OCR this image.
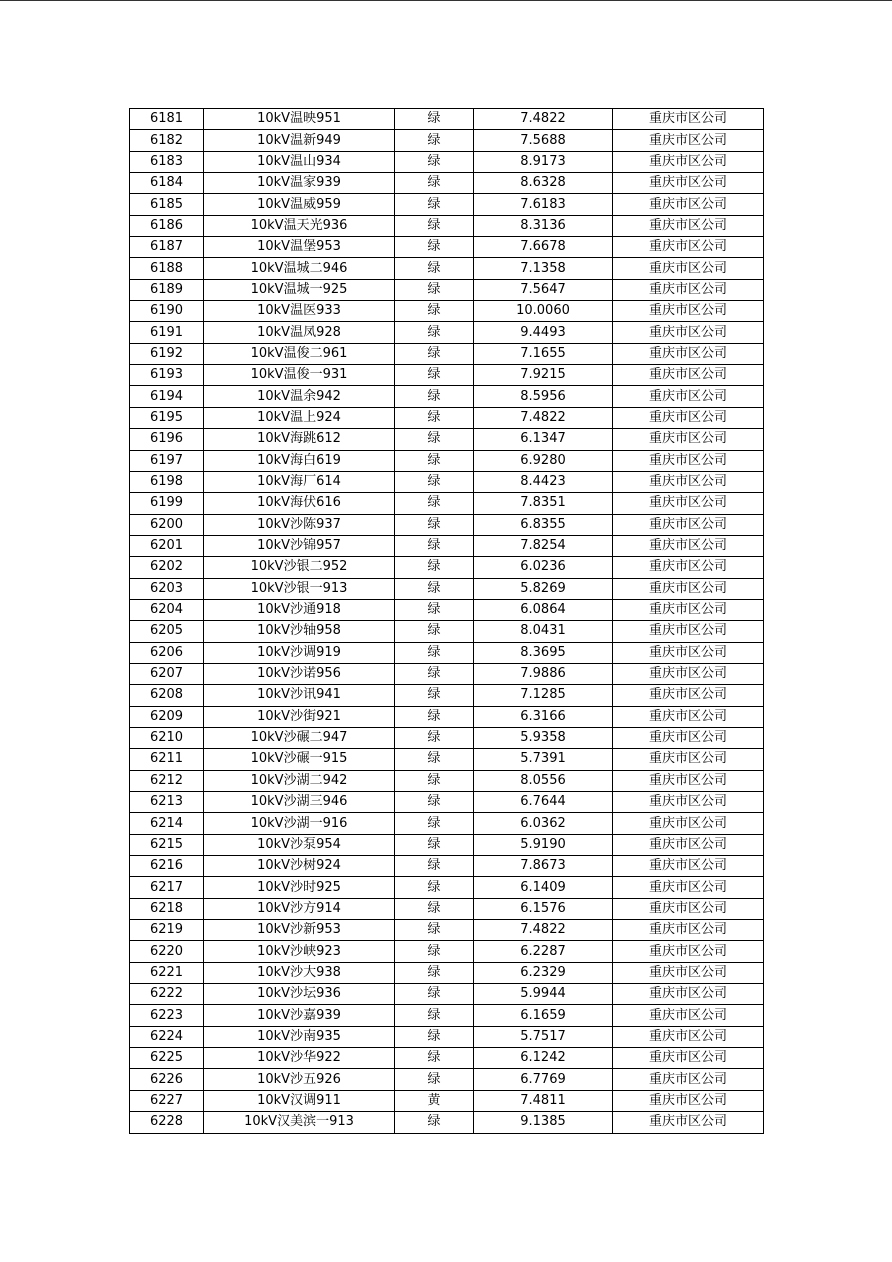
6181	10kV温映951	绿	7.4822	重庆市区公司
6182	10kV温新949	绿	7.5688	重庆市区公司
6183	10kV温山934	绿	8.9173	重庆市区公司
6184	10kV温家939	绿	8.6328	重庆市区公司
6185	10kV温威959	绿	7.6183	重庆市区公司
6186	10kV温天光936	绿	8.3136	重庆市区公司
6187	10kV温堡953	绿	7.6678	重庆市区公司
6188	10kV温城二946	绿	7.1358	重庆市区公司
6189	10kV温城一925	绿	7.5647	重庆市区公司
6190	10kV温医933	绿	10.0060	重庆市区公司
6191	10kV温凤928	绿	9.4493	重庆市区公司
6192	10kV温俊二961	绿	7.1655	重庆市区公司
6193	10kV温俊一931	绿	7.9215	重庆市区公司
6194	10kV温余942	绿	8.5956	重庆市区公司
6195	10kV温上924	绿	7.4822	重庆市区公司
6196	10kV海跳612	绿	6.1347	重庆市区公司
6197	10kV海白619	绿	6.9280	重庆市区公司
6198	10kV海厂614	绿	8.4423	重庆市区公司
6199	10kV海伏616	绿	7.8351	重庆市区公司
6200	10kV沙陈937	绿	6.8355	重庆市区公司
6201	10kV沙锦957	绿	7.8254	重庆市区公司
6202	10kV沙银二952	绿	6.0236	重庆市区公司
6203	10kV沙银一913	绿	5.8269	重庆市区公司
6204	10kV沙通918	绿	6.0864	重庆市区公司
6205	10kV沙轴958	绿	8.0431	重庆市区公司
6206	10kV沙调919	绿	8.3695	重庆市区公司
6207	10kV沙诺956	绿	7.9886	重庆市区公司
6208	10kV沙讯941	绿	7.1285	重庆市区公司
6209	10kV沙街921	绿	6.3166	重庆市区公司
6210	10kV沙碾二947	绿	5.9358	重庆市区公司
6211	10kV沙碾一915	绿	5.7391	重庆市区公司
6212	10kV沙湖二942	绿	8.0556	重庆市区公司
6213	10kV沙湖三946	绿	6.7644	重庆市区公司
6214	10kV沙湖一916	绿	6.0362	重庆市区公司
6215	10kV沙泵954	绿	5.9190	重庆市区公司
6216	10kV沙树924	绿	7.8673	重庆市区公司
6217	10kV沙时925	绿	6.1409	重庆市区公司
6218	10kV沙方914	绿	6.1576	重庆市区公司
6219	10kV沙新953	绿	7.4822	重庆市区公司
6220	10kV沙峡923	绿	6.2287	重庆市区公司
6221	10kV沙大938	绿	6.2329	重庆市区公司
6222	10kV沙坛936	绿	5.9944	重庆市区公司
6223	10kV沙嘉939	绿	6.1659	重庆市区公司
6224	10kV沙南935	绿	5.7517	重庆市区公司
6225	10kV沙华922	绿	6.1242	重庆市区公司
6226	10kV沙五926	绿	6.7769	重庆市区公司
6227	10kV汉调911	黄	7.4811	重庆市区公司
6228	10kV汉美滨一913	绿	9.1385	重庆市区公司
